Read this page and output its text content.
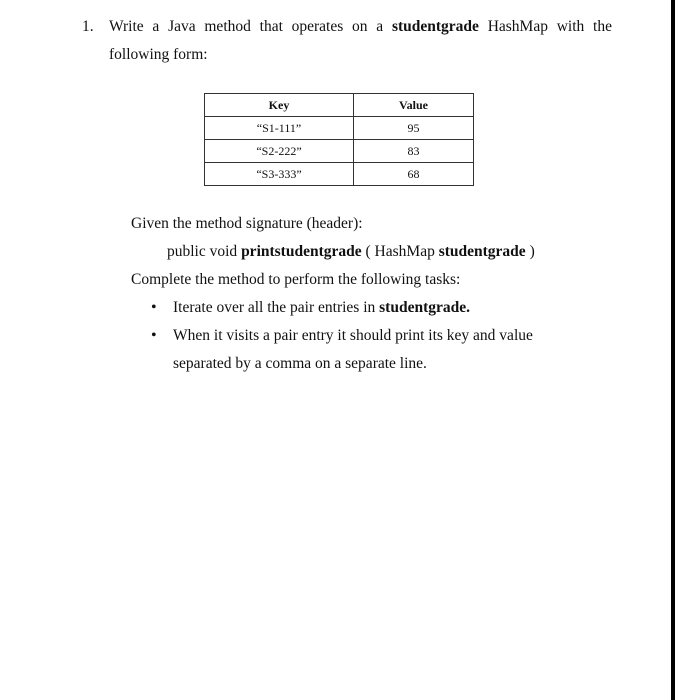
1. Write a Java method that operates on a studentgrade HashMap with the
following form:
Key	Value
“S1-111”	95
“S2-222”	83
“S3-333”	68
Given the method signature (header):
public void printstudentgrade ( HashMap studentgrade )
Complete the method to perform the following tasks:
•	Iterate over all the pair entries in studentgrade.
•	When it visits a pair entry it should print its key and value
separated by a comma on a separate line.
